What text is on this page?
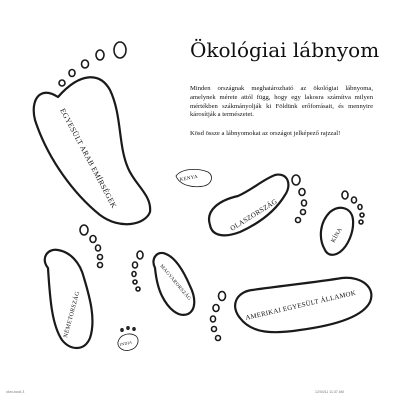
EGYESÜLT ARAB EMÍRSÉGEK	KENYA
OLASZORSZÁG
KÍNA
NÉMETORSZÁG
MAGYARORSZÁG
INDIA
AMERIKAI EGYESÜLT ÁLLAMOK
Ökológiai lábnyom
Minden országnak meghatározható az ökológiai lábnyoma, amelynek mérete attól függ, hogy egy lakosra számítva milyen mértékben szákmányolják ki Földünk erőforrásait, és mennyire károsítják a természetet.
Kösd össze a lábnyomokat az országot jelképező rajzzal!
okm-book 3	12/04/11 11:37 AM
